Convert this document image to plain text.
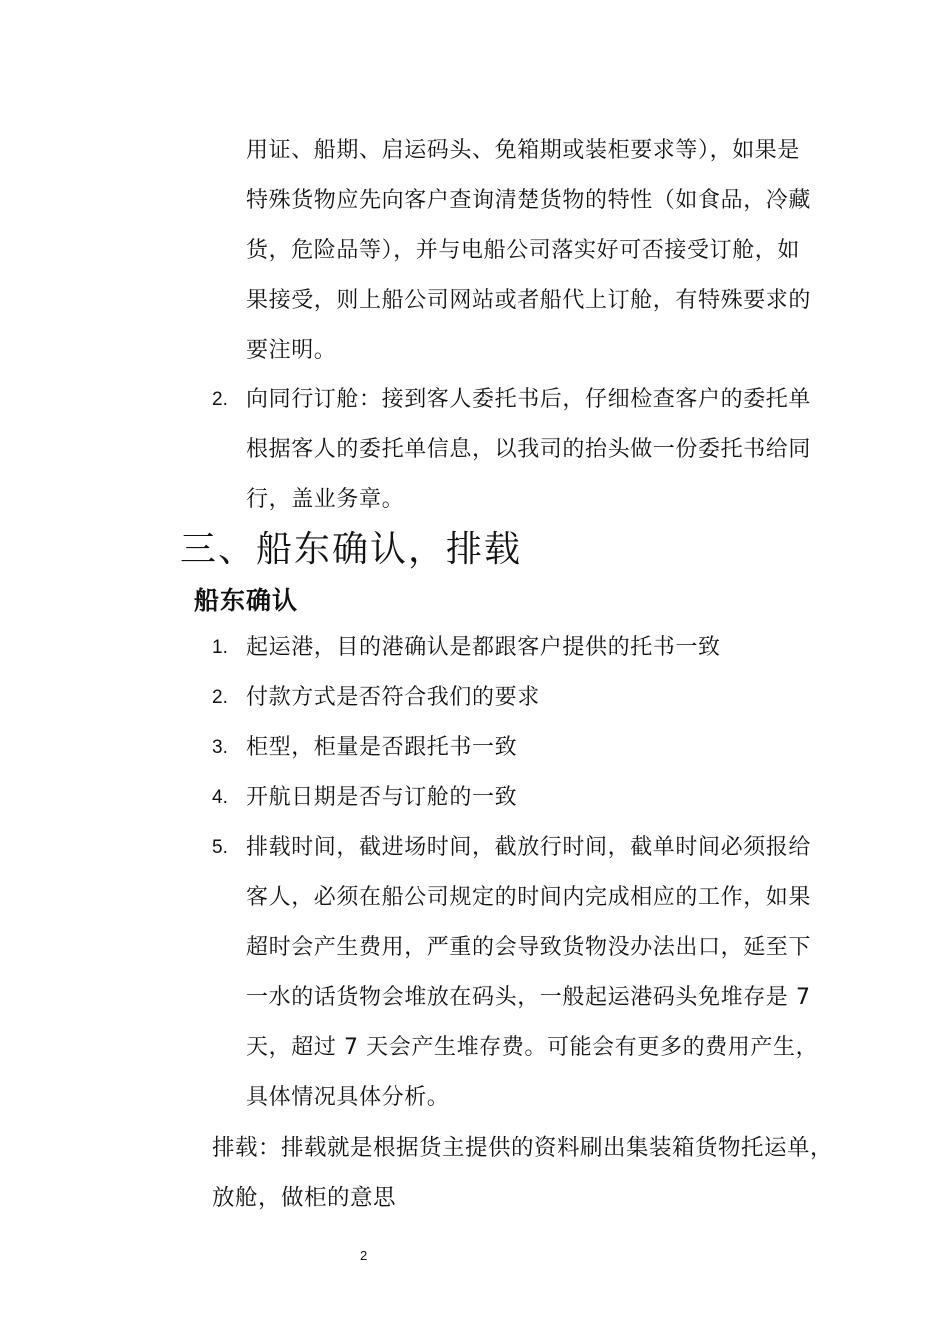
用证、船期、启运码头、免箱期或装柜要求等），如果是
特殊货物应先向客户查询清楚货物的特性（如食品，冷藏
货，危险品等），并与电船公司落实好可否接受订舱，如
果接受，则上船公司网站或者船代上订舱，有特殊要求的
要注明。
2. 向同行订舱：接到客人委托书后，仔细检查客户的委托单
根据客人的委托单信息，以我司的抬头做一份委托书给同
行，盖业务章。
三、船东确认，排载
船东确认
1. 起运港，目的港确认是都跟客户提供的托书一致
2. 付款方式是否符合我们的要求
3. 柜型，柜量是否跟托书一致
4. 开航日期是否与订舱的一致
5. 排载时间，截进场时间，截放行时间，截单时间必须报给
客人，必须在船公司规定的时间内完成相应的工作，如果
超时会产生费用，严重的会导致货物没办法出口，延至下
一水的话货物会堆放在码头，一般起运港码头免堆存是 7
天，超过 7 天会产生堆存费。可能会有更多的费用产生，
具体情况具体分析。
排载：排载就是根据货主提供的资料刷出集装箱货物托运单，
放舱，做柜的意思
2
